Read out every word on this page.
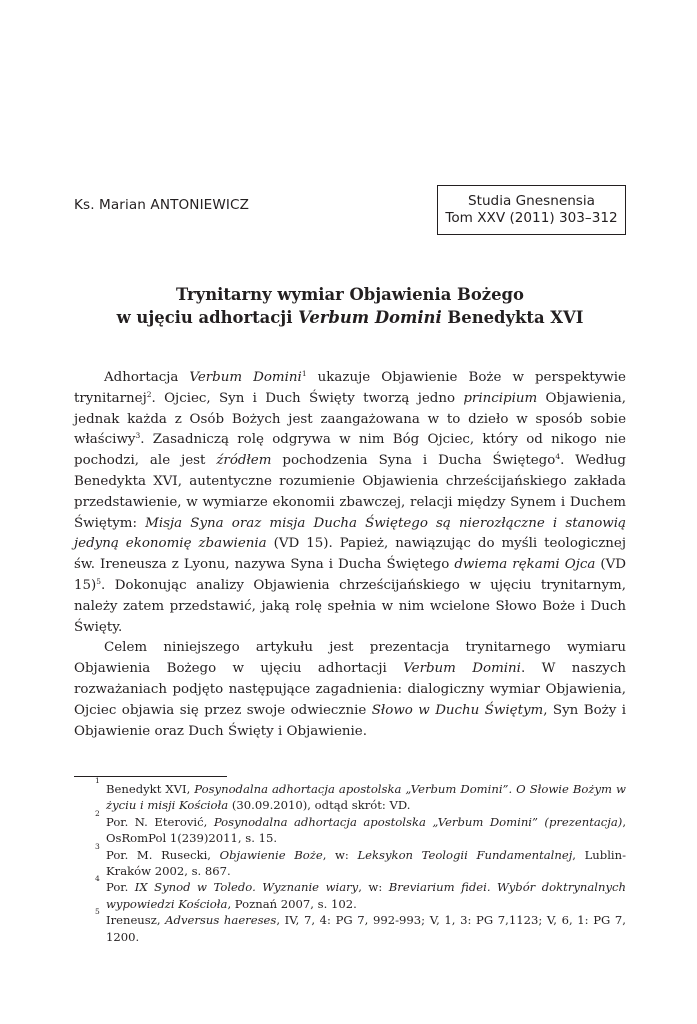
Ks. Marian ANTONIEWICZ	Studia Gnesnensia
Tom XXV (2011) 303–312
Trynitarny wymiar Objawienia Bożego
w ujęciu adhortacji Verbum Domini Benedykta XVI

Adhortacja Verbum Domini$^1$ ukazuje Objawienie Boże w perspektywie trynitarnej$^2$. Ojciec, Syn i Duch Święty tworzą jedno principium Objawienia, jednak każda z Osób Bożych jest zaangażowana w to dzieło w sposób sobie właściwy$^3$. Zasadniczą rolę odgrywa w nim Bóg Ojciec, który od nikogo nie pochodzi, ale jest źródłem pochodzenia Syna i Ducha Świętego$^4$. Według Benedykta XVI, autentyczne rozumienie Objawienia chrześcijańskiego zakłada przedstawienie, w wymiarze ekonomii zbawczej, relacji między Synem i Duchem Świętym: Misja Syna oraz misja Ducha Świętego są nierozłączne i stanowią jedyną ekonomię zbawienia (VD 15). Papież, nawiązując do myśli teologicznej św. Ireneusza z Lyonu, nazywa Syna i Ducha Świętego dwiema rękami Ojca (VD 15)$^5$. Dokonując analizy Objawienia chrześcijańskiego w ujęciu trynitarnym, należy zatem przedstawić, jaką rolę spełnia w nim wcielone Słowo Boże i Duch Święty.

Celem niniejszego artykułu jest prezentacja trynitarnego wymiaru Objawienia Bożego w ujęciu adhortacji Verbum Domini. W naszych rozważaniach podjęto następujące zagadnienia: dialogiczny wymiar Objawienia, Ojciec objawia się przez swoje odwiecznie Słowo w Duchu Świętym, Syn Boży i Objawienie oraz Duch Święty i Objawienie.

1
Benedykt XVI, Posynodalna adhortacja apostolska „Verbum Domini”. O Słowie Bożym w życiu i misji Kościoła (30.09.2010), odtąd skrót: VD.
2
Por. N. Eterović, Posynodalna adhortacja apostolska „Verbum Domini” (prezentacja), OsRomPol 1(239)2011, s. 15.
3
Por. M. Rusecki, Objawienie Boże, w: Leksykon Teologii Fundamentalnej, Lublin-Kraków 2002, s. 867.
4
Por. IX Synod w Toledo. Wyznanie wiary, w: Breviarium fidei. Wybór doktrynalnych wypowiedzi Kościoła, Poznań 2007, s. 102.
5
Ireneusz, Adversus haereses, IV, 7, 4: PG 7, 992-993; V, 1, 3: PG 7,1123; V, 6, 1: PG 7, 1200.
